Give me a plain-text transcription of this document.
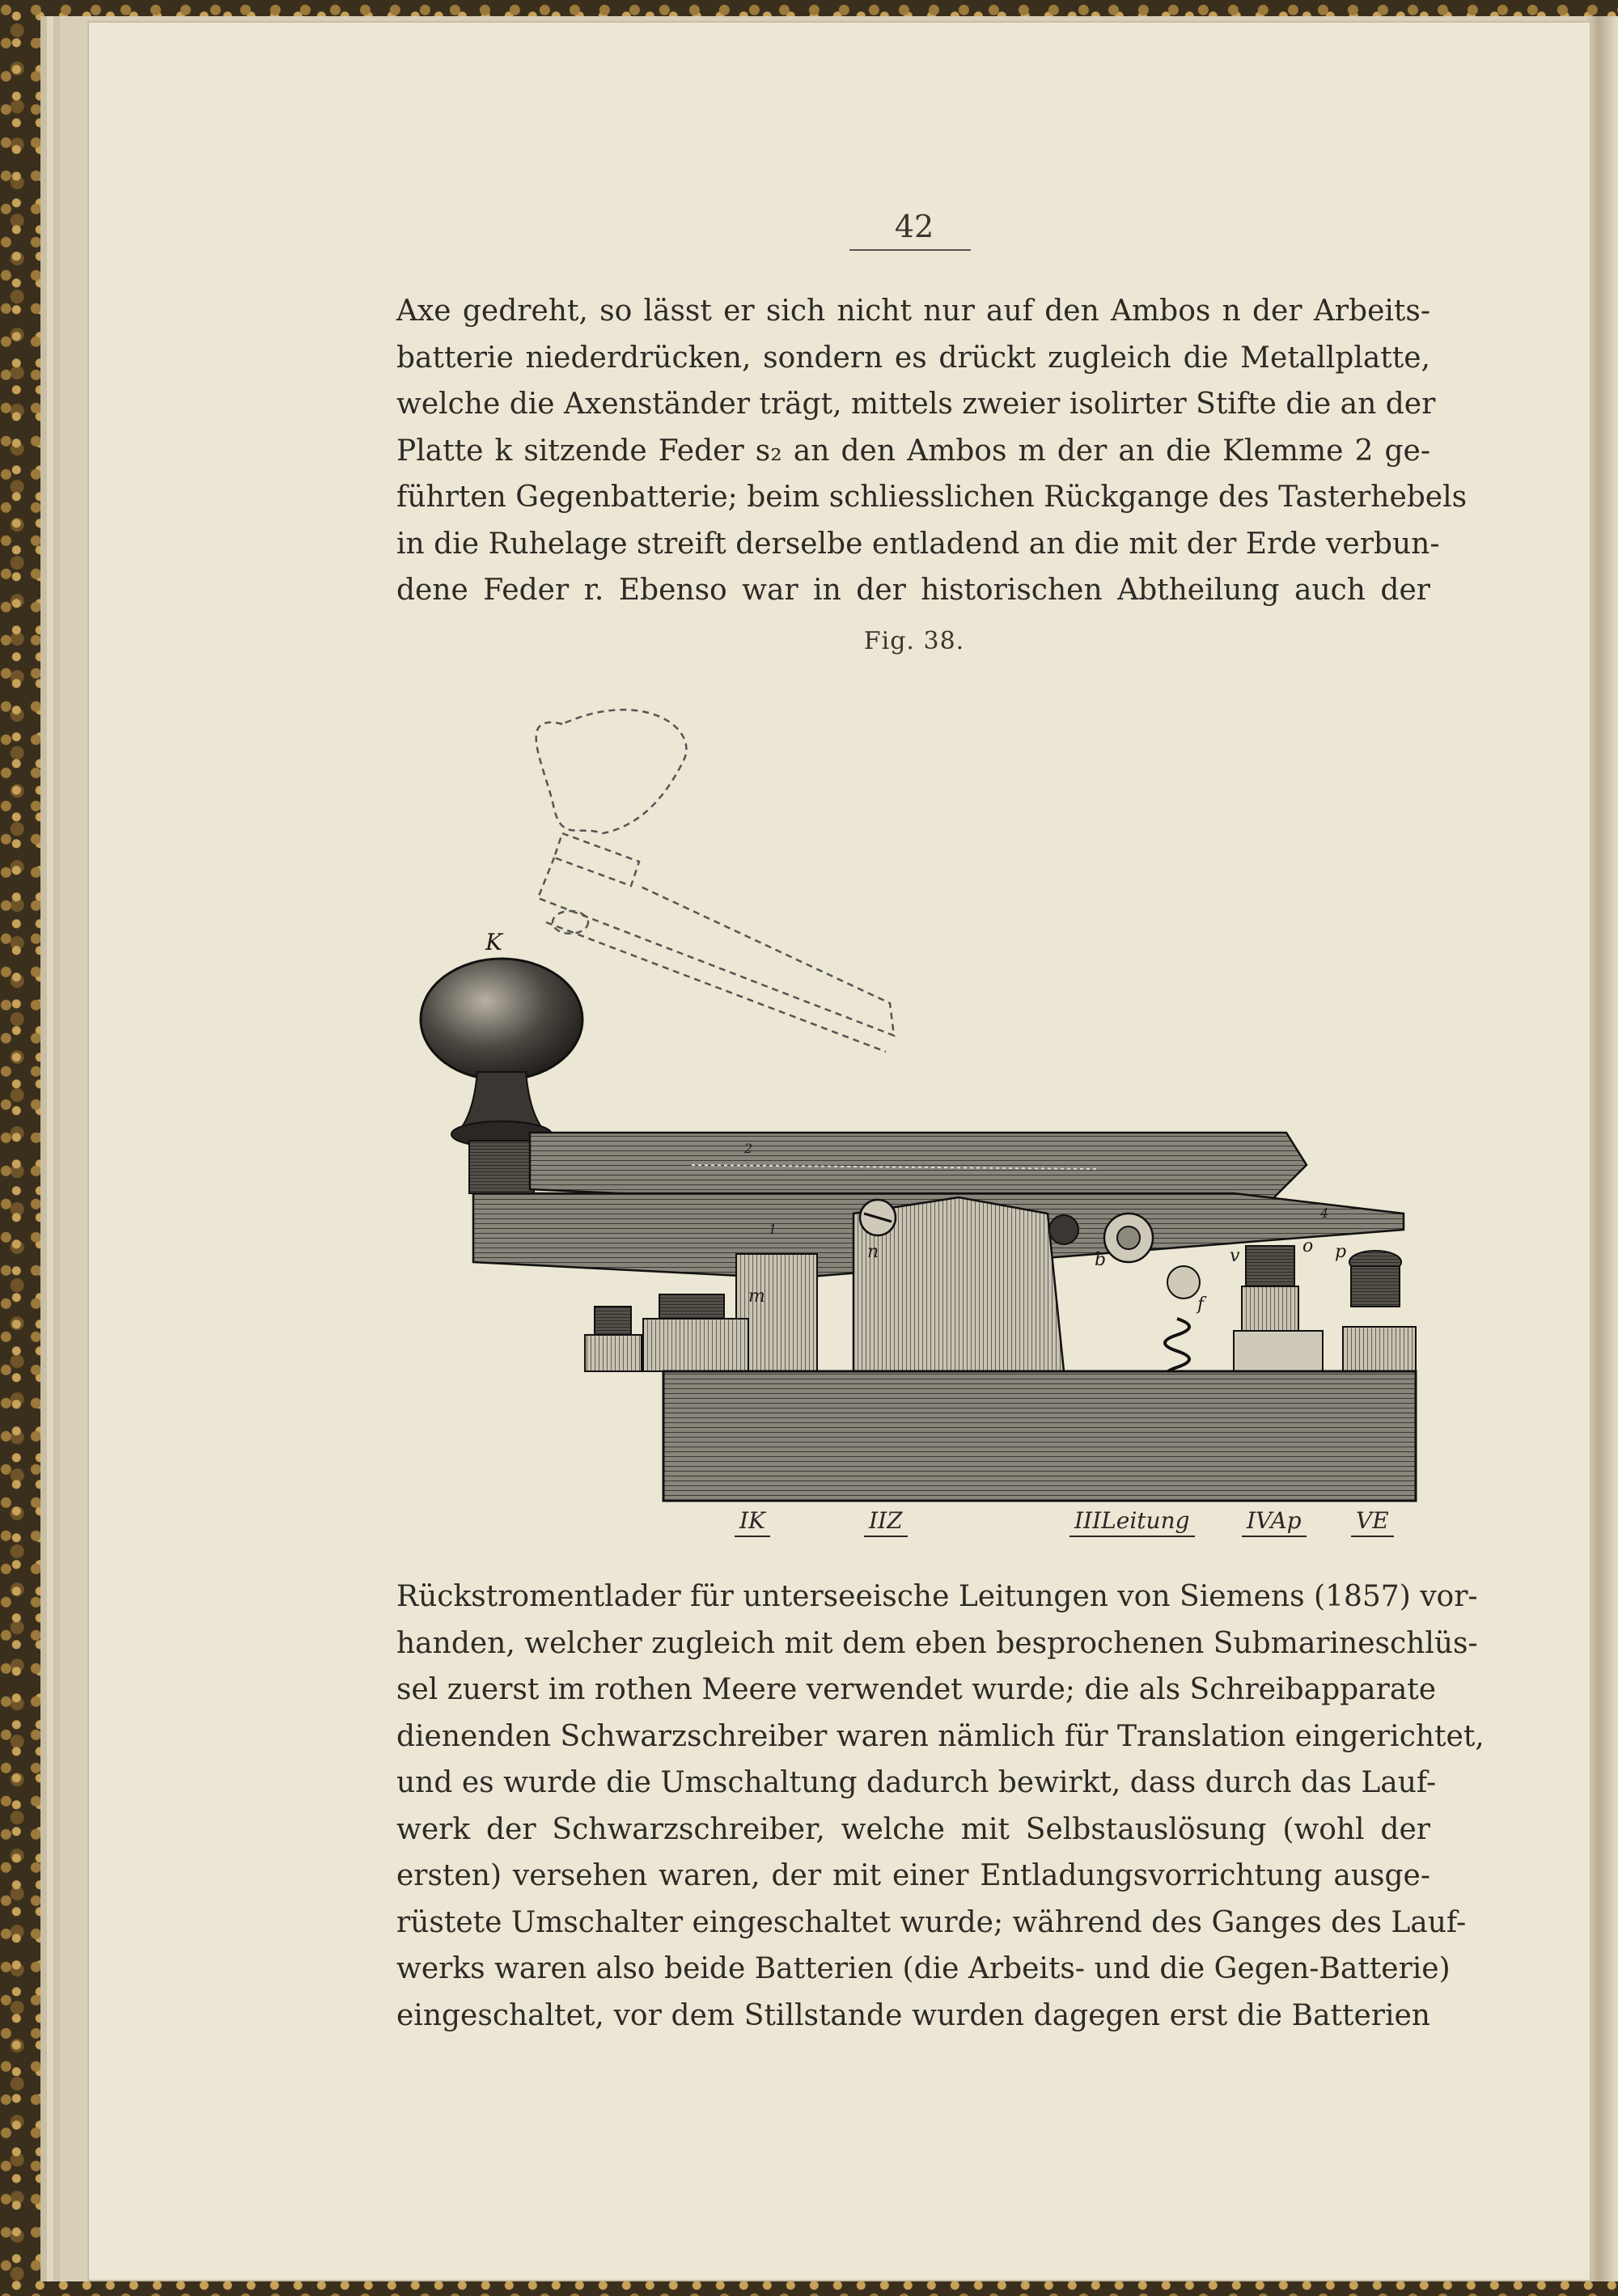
42
Axe gedreht, so lässt er sich nicht nur auf den Ambos n der Arbeits-
batterie niederdrücken, sondern es drückt zugleich die Metallplatte,
welche die Axenständer trägt, mittels zweier isolirter Stifte die an der
Platte k sitzende Feder s₂ an den Ambos m der an die Klemme 2 ge-
führten Gegenbatterie; beim schliesslichen Rückgange des Tasterhebels
in die Ruhelage streift derselbe entladend an die mit der Erde verbun-
dene Feder r. Ebenso war in der historischen Abtheilung auch der
Fig. 38.
K
m
n	b
f
v	o p
1
2
4
IK	IIZ	IIILeitung	IVAp VE
Rückstromentlader für unterseeische Leitungen von Siemens (1857) vor-
handen, welcher zugleich mit dem eben besprochenen Submarineschlüs-
sel zuerst im rothen Meere verwendet wurde; die als Schreibapparate
dienenden Schwarzschreiber waren nämlich für Translation eingerichtet,
und es wurde die Umschaltung dadurch bewirkt, dass durch das Lauf-
werk der Schwarzschreiber, welche mit Selbstauslösung (wohl der
ersten) versehen waren, der mit einer Entladungsvorrichtung ausge-
rüstete Umschalter eingeschaltet wurde; während des Ganges des Lauf-
werks waren also beide Batterien (die Arbeits- und die Gegen-Batterie)
eingeschaltet, vor dem Stillstande wurden dagegen erst die Batterien
